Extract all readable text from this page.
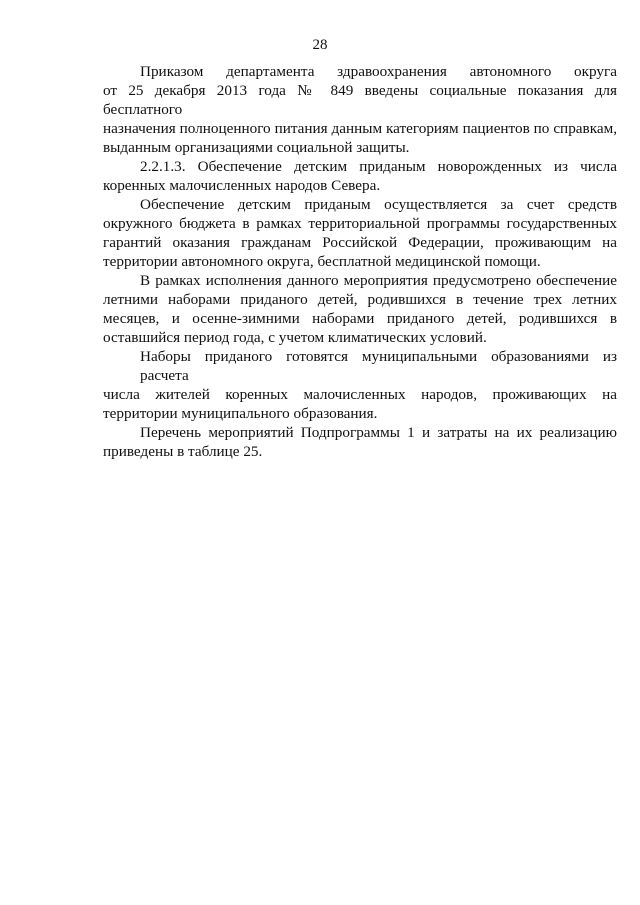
28

Приказом департамента здравоохранения автономного округа
от 25 декабря 2013 года № 849 введены социальные показания для бесплатного
назначения полноценного питания данным категориям пациентов по справкам,
выданным организациями социальной защиты.

2.2.1.3. Обеспечение детским приданым новорожденных из числа
коренных малочисленных народов Севера.

Обеспечение детским приданым осуществляется за счет средств
окружного бюджета в рамках территориальной программы государственных
гарантий оказания гражданам Российской Федерации, проживающим на
территории автономного округа, бесплатной медицинской помощи.

В рамках исполнения данного мероприятия предусмотрено обеспечение
летними наборами приданого детей, родившихся в течение трех летних
месяцев, и осенне-зимними наборами приданого детей, родившихся в
оставшийся период года, с учетом климатических условий.

Наборы приданого готовятся муниципальными образованиями из расчета
числа жителей коренных малочисленных народов, проживающих на
территории муниципального образования.

Перечень мероприятий Подпрограммы 1 и затраты на их реализацию
приведены в таблице 25.
